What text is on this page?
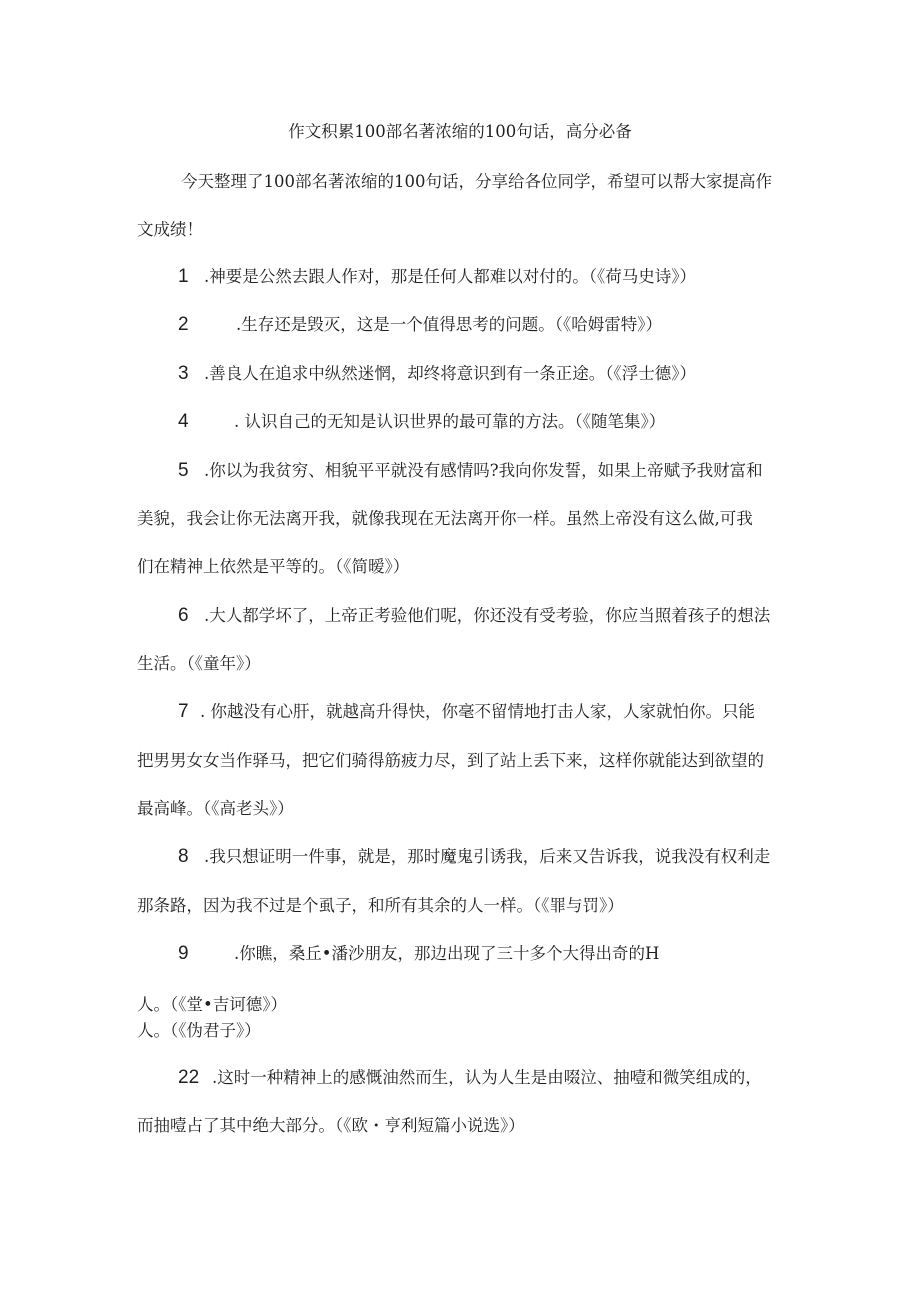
作文积累100部名著浓缩的100句话，高分必备
今天整理了100部名著浓缩的100句话，分享给各位同学，希望可以帮大家提高作
文成绩！
1 .神要是公然去跟人作对，那是任何人都难以对付的。（《荷马史诗》）
2	.生存还是毁灭，这是一个值得思考的问题。（《哈姆雷特》）
3 .善良人在追求中纵然迷惘，却终将意识到有一条正途。（《浮士德》）
4	. 认识自己的无知是认识世界的最可靠的方法。（《随笔集》）
5 .你以为我贫穷、相貌平平就没有感情吗?我向你发誓，如果上帝赋予我财富和
美貌，我会让你无法离开我，就像我现在无法离开你一样。虽然上帝没有这么做,可我
们在精神上依然是平等的。（《简暧》）
6 .大人都学坏了，上帝正考验他们呢，你还没有受考验，你应当照着孩子的想法
生活。（《童年》）
7 . 你越没有心肝，就越高升得快，你毫不留情地打击人家，人家就怕你。只能
把男男女女当作驿马，把它们骑得筋疲力尽，到了站上丢下来，这样你就能达到欲望的
最高峰。（《高老头》）
8 .我只想证明一件事，就是，那时魔鬼引诱我，后来又告诉我，说我没有权利走
那条路，因为我不过是个虱子，和所有其余的人一样。（《罪与罚》）
9	.你瞧，桑丘•潘沙朋友，那边出现了三十多个大得出奇的H
人。（《堂•吉诃德》）
人。（《伪君子》）
22 .这时一种精神上的感慨油然而生，认为人生是由啜泣、抽噎和微笑组成的，
而抽噎占了其中绝大部分。（《欧・亨利短篇小说选》）
